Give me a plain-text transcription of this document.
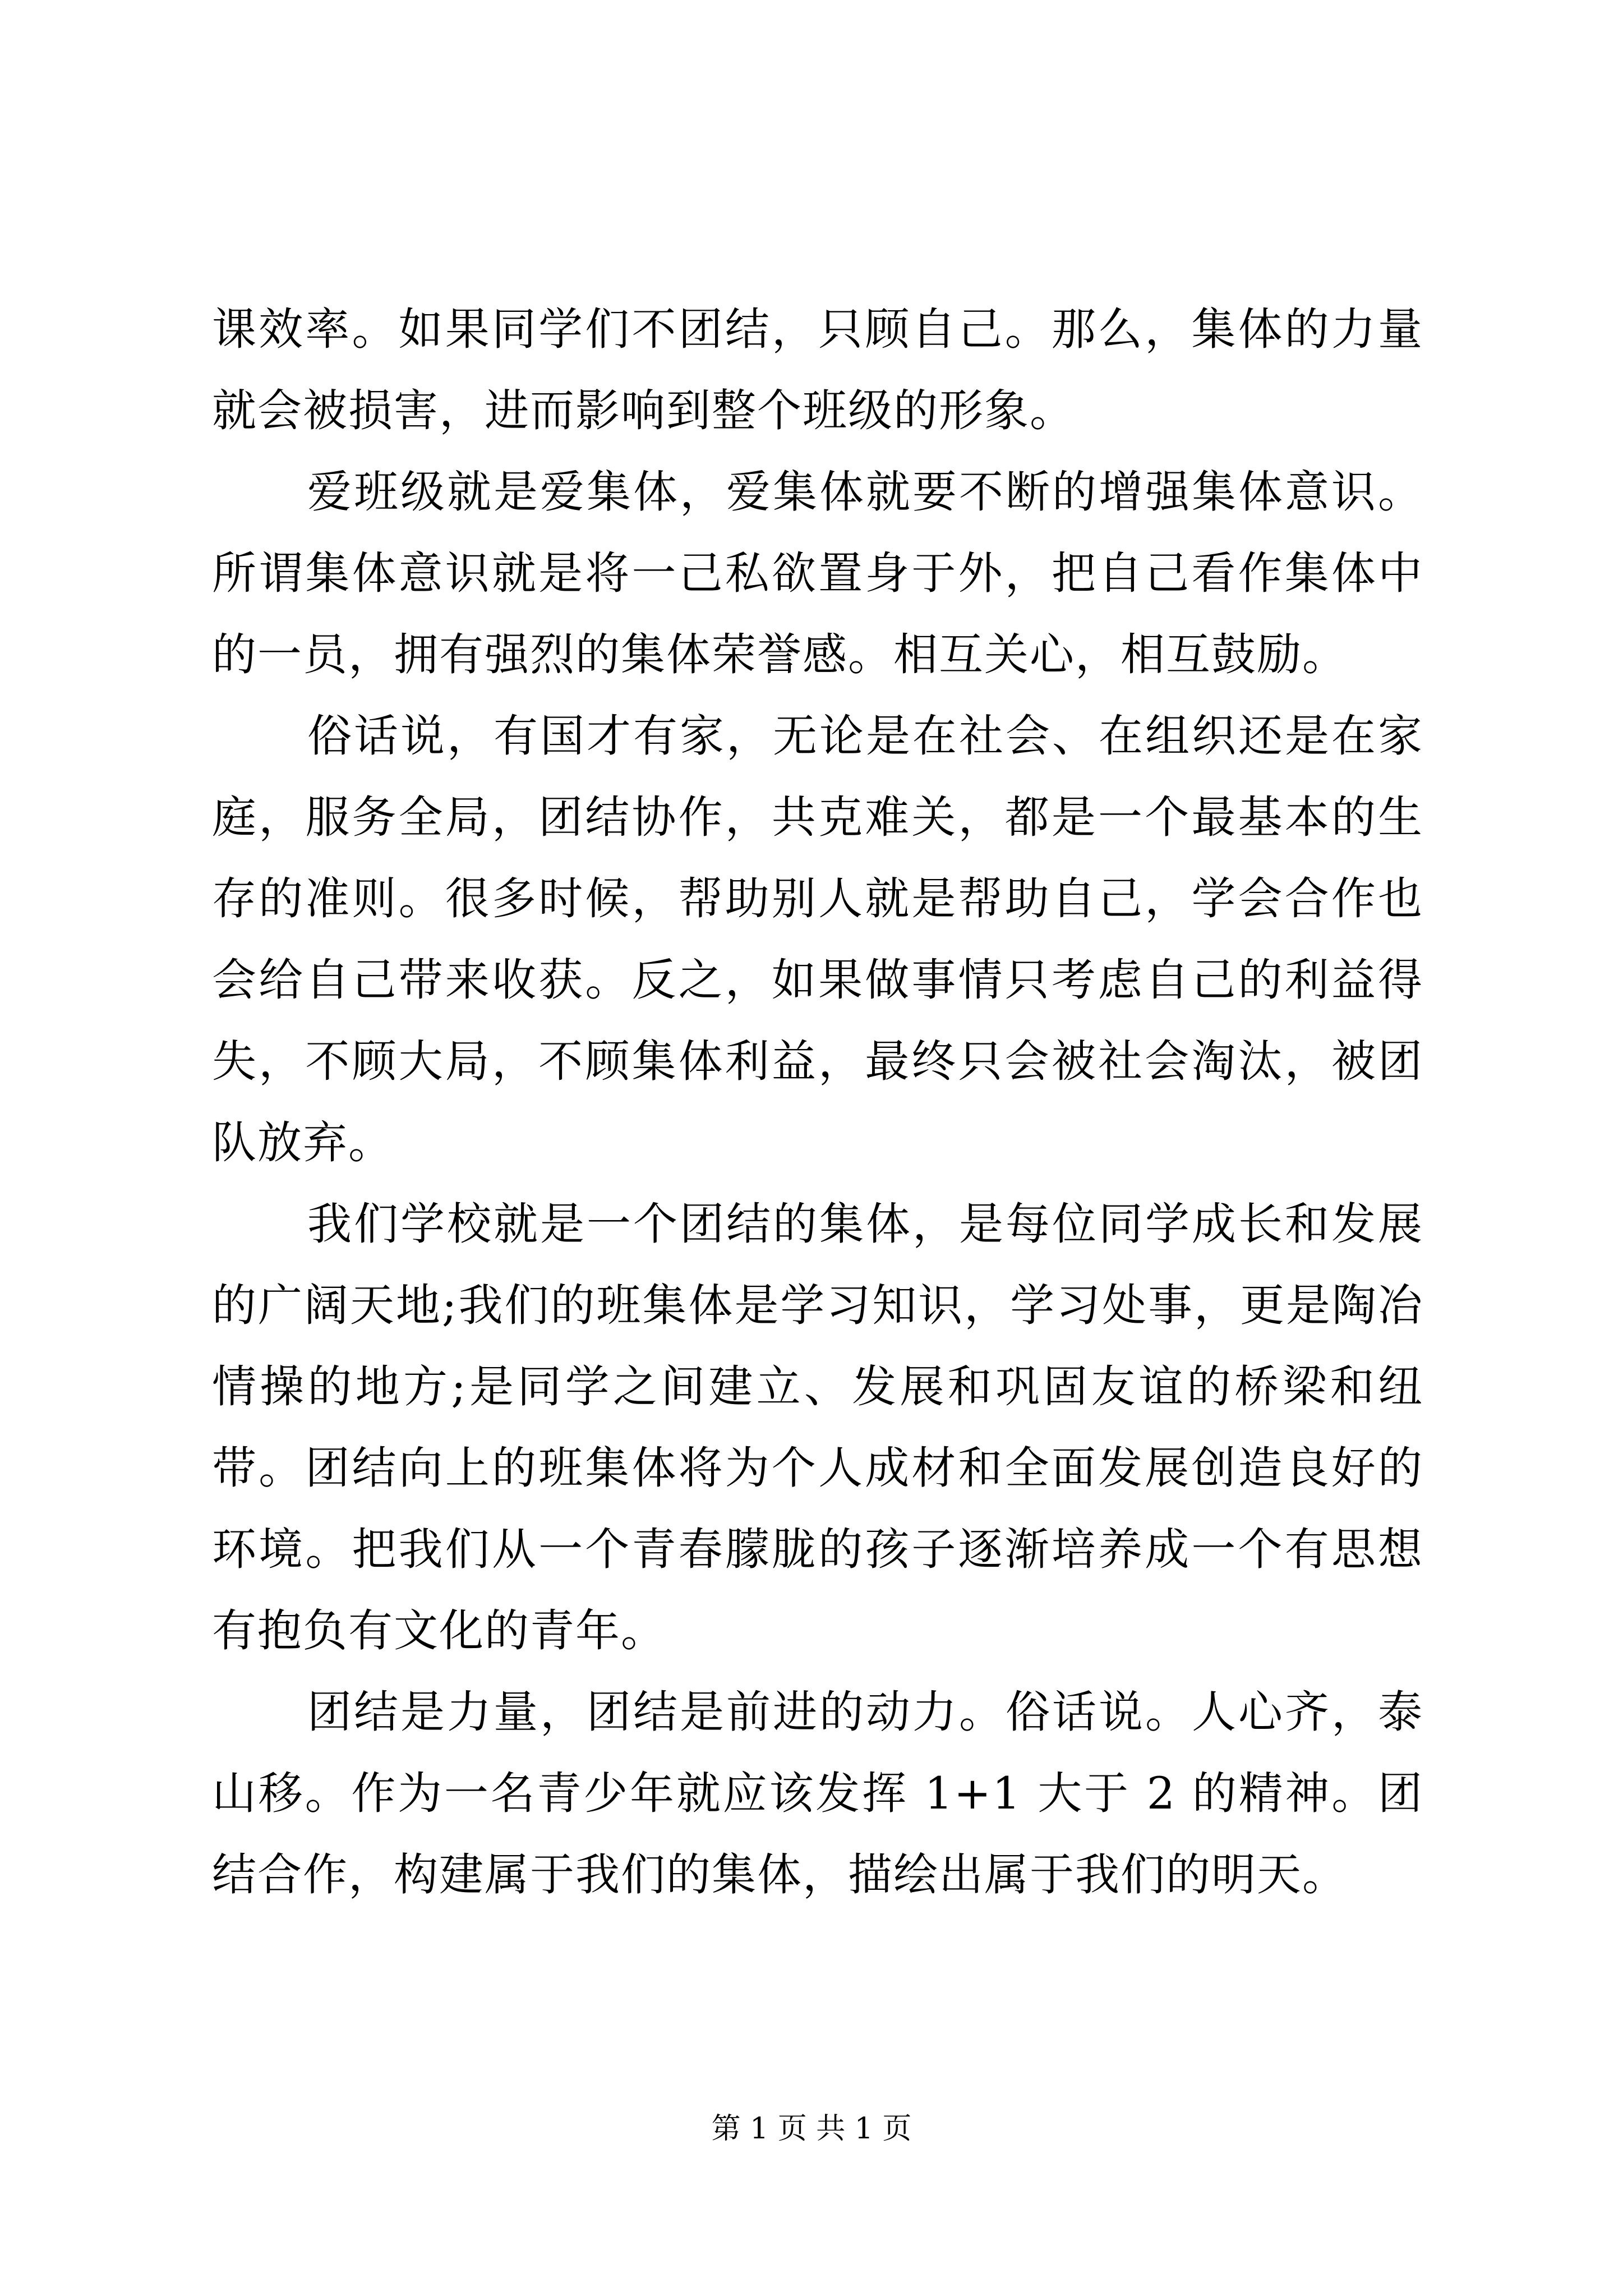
课效率。如果同学们不团结，只顾自己。那么，集体的力量就会被损害，进而影响到整个班级的形象。

爱班级就是爱集体，爱集体就要不断的增强集体意识。所谓集体意识就是将一己私欲置身于外，把自己看作集体中的一员，拥有强烈的集体荣誉感。相互关心，相互鼓励。

俗话说，有国才有家，无论是在社会、在组织还是在家庭，服务全局，团结协作，共克难关，都是一个最基本的生存的准则。很多时候，帮助别人就是帮助自己，学会合作也会给自己带来收获。反之，如果做事情只考虑自己的利益得失，不顾大局，不顾集体利益，最终只会被社会淘汰，被团队放弃。

我们学校就是一个团结的集体，是每位同学成长和发展的广阔天地;我们的班集体是学习知识，学习处事，更是陶冶情操的地方;是同学之间建立、发展和巩固友谊的桥梁和纽带。团结向上的班集体将为个人成材和全面发展创造良好的环境。把我们从一个青春朦胧的孩子逐渐培养成一个有思想有抱负有文化的青年。

团结是力量，团结是前进的动力。俗话说。人心齐，泰山移。作为一名青少年就应该发挥 1+1 大于 2 的精神。团结合作，构建属于我们的集体，描绘出属于我们的明天。

第 1 页 共 1 页
